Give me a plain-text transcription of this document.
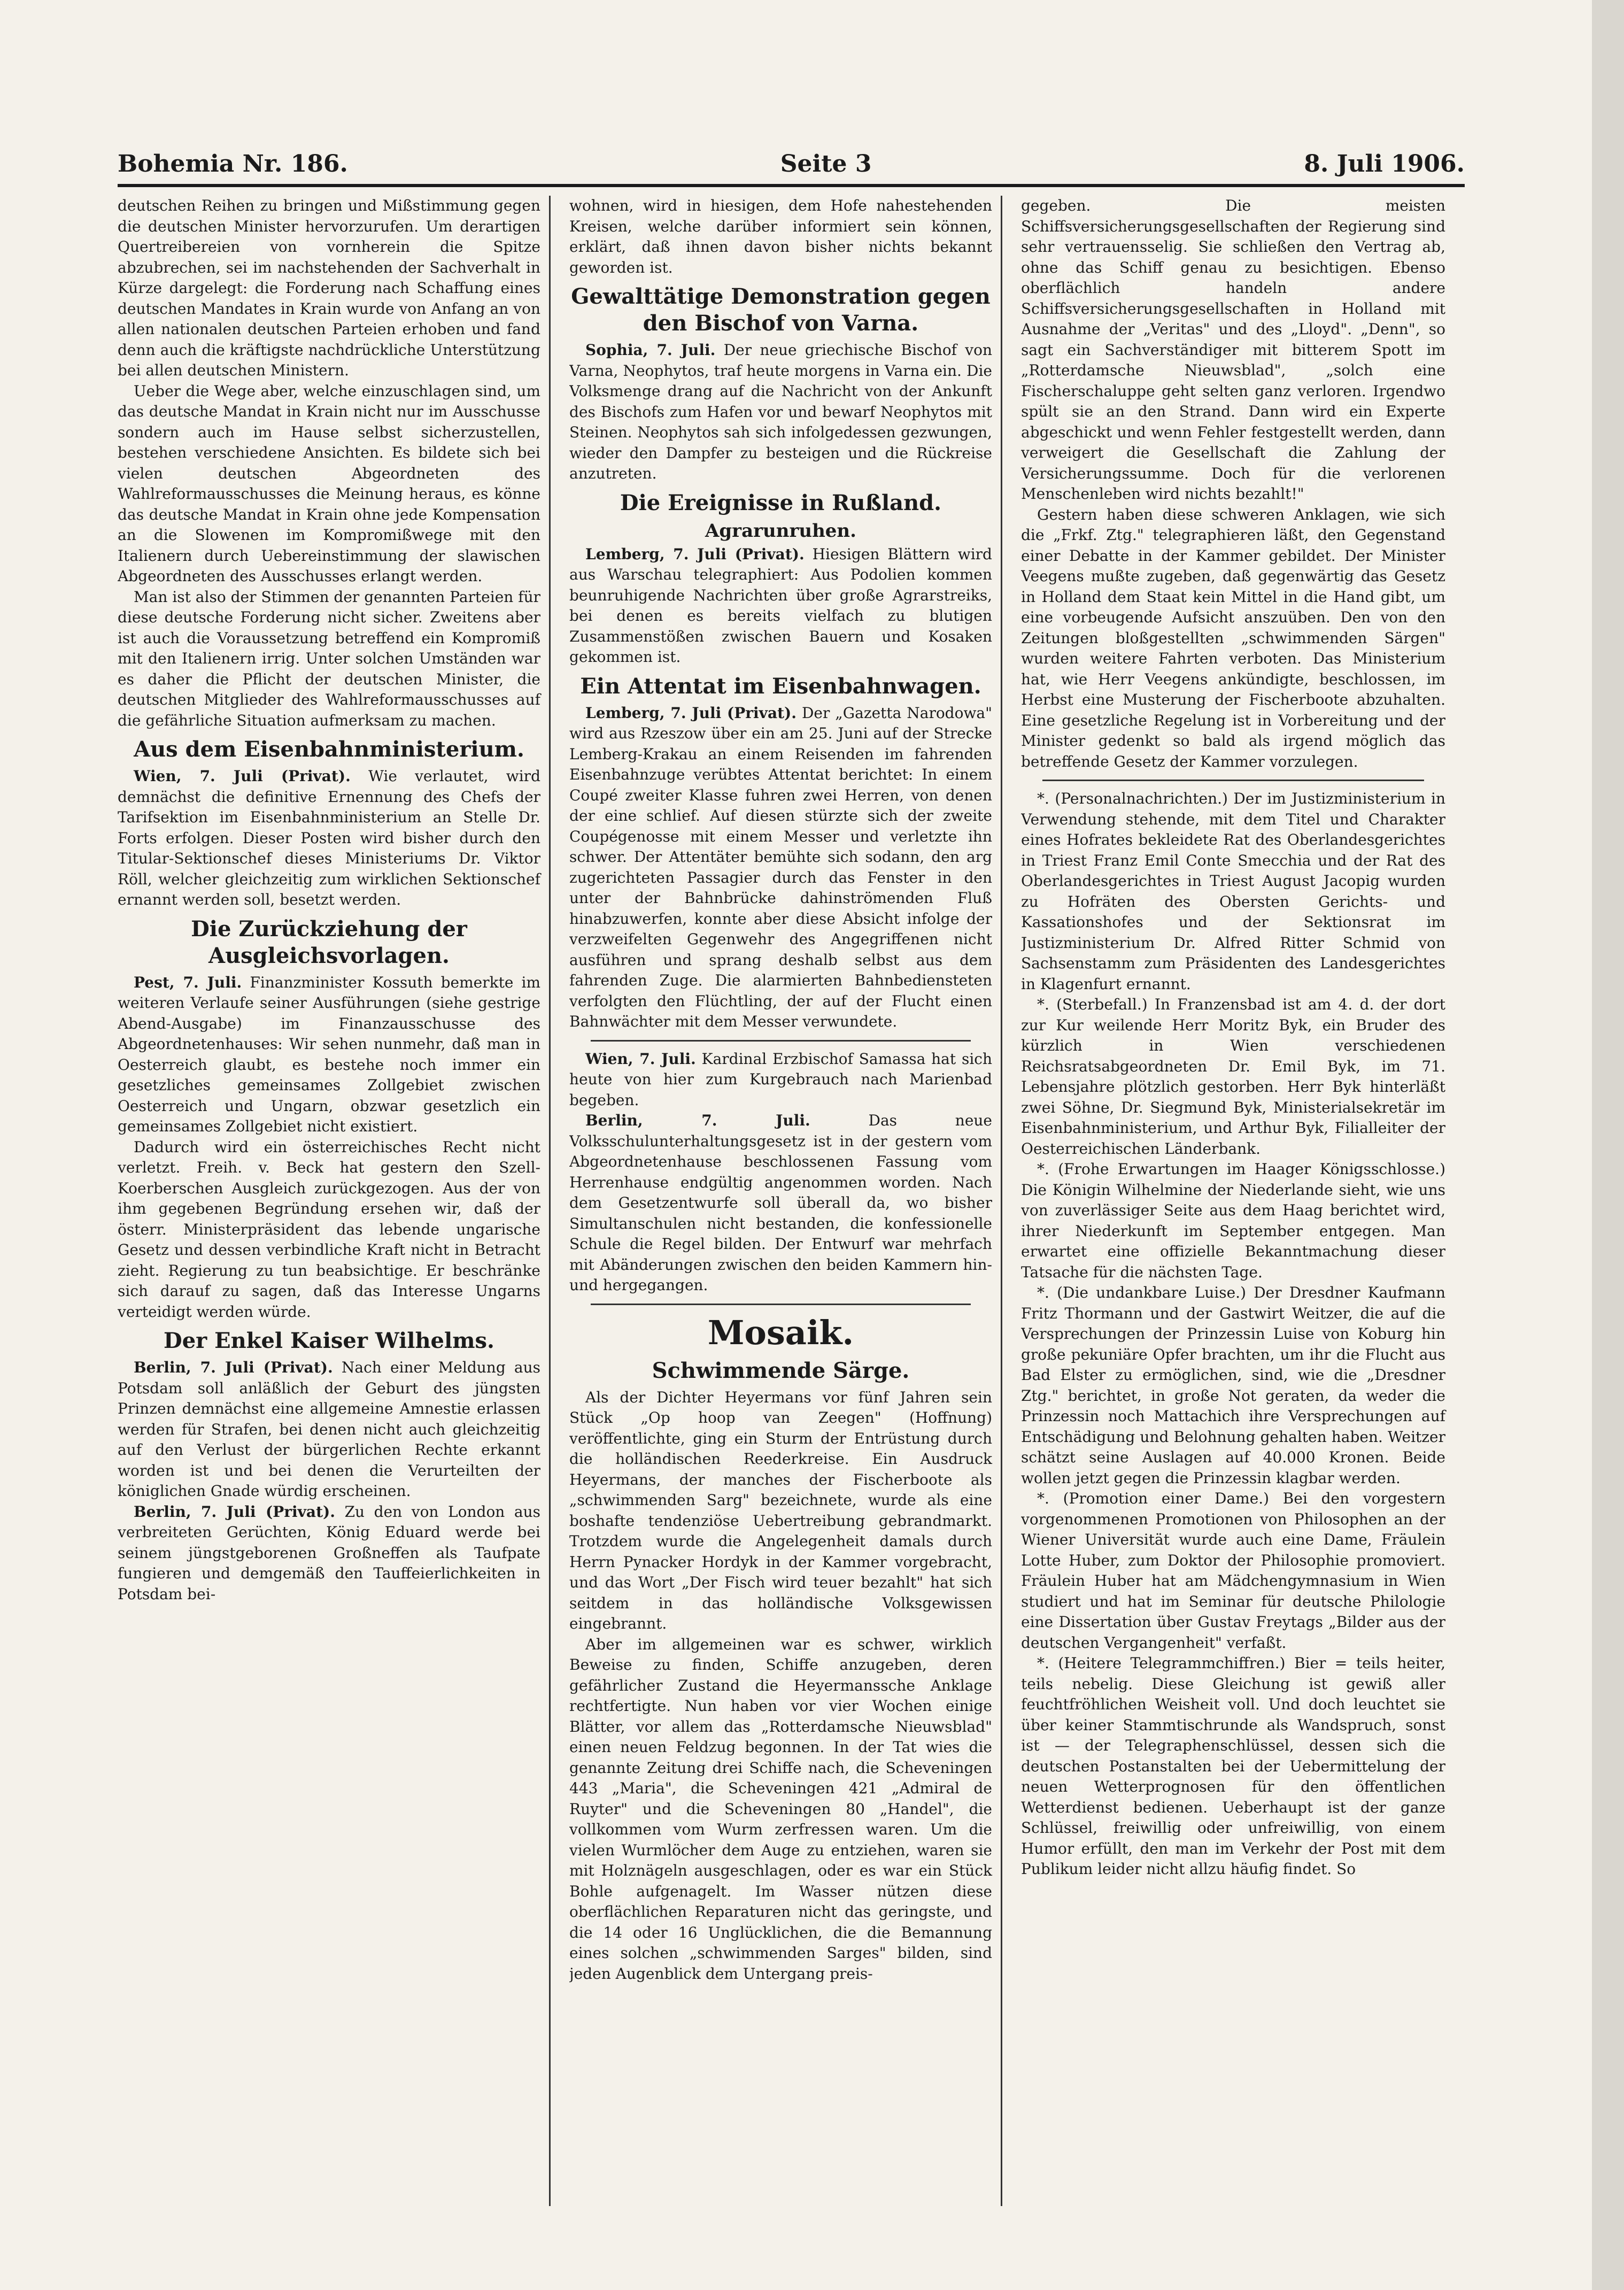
Bohemia Nr. 186.	Seite 3	8. Juli 1906.

deutschen Reihen zu bringen und Mißstimmung gegen die deutschen Minister hervorzurufen. Um derartigen Quertreibereien von vornherein die Spitze abzubrechen, sei im nachstehenden der Sachverhalt in Kürze dargelegt: die Forderung nach Schaffung eines deutschen Mandates in Krain wurde von Anfang an von allen nationalen deutschen Parteien erhoben und fand denn auch die kräftigste nachdrückliche Unterstützung bei allen deutschen Ministern.

Ueber die Wege aber, welche einzuschlagen sind, um das deutsche Mandat in Krain nicht nur im Ausschusse sondern auch im Hause selbst sicherzustellen, bestehen verschiedene Ansichten. Es bildete sich bei vielen deutschen Abgeordneten des Wahlreformausschusses die Meinung heraus, es könne das deutsche Mandat in Krain ohne jede Kompensation an die Slowenen im Kompromißwege mit den Italienern durch Uebereinstimmung der slawischen Abgeordneten des Ausschusses erlangt werden.

Man ist also der Stimmen der genannten Parteien für diese deutsche Forderung nicht sicher. Zweitens aber ist auch die Voraussetzung betreffend ein Kompromiß mit den Italienern irrig. Unter solchen Umständen war es daher die Pflicht der deutschen Minister, die deutschen Mitglieder des Wahlreformausschusses auf die gefährliche Situation aufmerksam zu machen.

Aus dem Eisenbahnministerium.

Wien, 7. Juli (Privat). Wie verlautet, wird demnächst die definitive Ernennung des Chefs der Tarifsektion im Eisenbahnministerium an Stelle Dr. Forts erfolgen. Dieser Posten wird bisher durch den Titular-Sektionschef dieses Ministeriums Dr. Viktor Röll, welcher gleichzeitig zum wirklichen Sektionschef ernannt werden soll, besetzt werden.

Die Zurückziehung der Ausgleichsvorlagen.

Pest, 7. Juli. Finanzminister Kossuth bemerkte im weiteren Verlaufe seiner Ausführungen (siehe gestrige Abend-Ausgabe) im Finanzausschusse des Abgeordnetenhauses: Wir sehen nunmehr, daß man in Oesterreich glaubt, es bestehe noch immer ein gesetzliches gemeinsames Zollgebiet zwischen Oesterreich und Ungarn, obzwar gesetzlich ein gemeinsames Zollgebiet nicht existiert.

Dadurch wird ein österreichisches Recht nicht verletzt. Freih. v. Beck hat gestern den Szell-Koerberschen Ausgleich zurückgezogen. Aus der von ihm gegebenen Begründung ersehen wir, daß der österr. Ministerpräsident das lebende ungarische Gesetz und dessen verbindliche Kraft nicht in Betracht zieht. Regierung zu tun beabsichtige. Er beschränke sich darauf zu sagen, daß das Interesse Ungarns verteidigt werden würde.

Der Enkel Kaiser Wilhelms.

Berlin, 7. Juli (Privat). Nach einer Meldung aus Potsdam soll anläßlich der Geburt des jüngsten Prinzen demnächst eine allgemeine Amnestie erlassen werden für Strafen, bei denen nicht auch gleichzeitig auf den Verlust der bürgerlichen Rechte erkannt worden ist und bei denen die Verurteilten der königlichen Gnade würdig erscheinen.

Berlin, 7. Juli (Privat). Zu den von London aus verbreiteten Gerüchten, König Eduard werde bei seinem jüngstgeborenen Großneffen als Taufpate fungieren und demgemäß den Tauffeierlichkeiten in Potsdam bei-

wohnen, wird in hiesigen, dem Hofe nahestehenden Kreisen, welche darüber informiert sein können, erklärt, daß ihnen davon bisher nichts bekannt geworden ist.

Gewalttätige Demonstration gegen den Bischof von Varna.

Sophia, 7. Juli. Der neue griechische Bischof von Varna, Neophytos, traf heute morgens in Varna ein. Die Volksmenge drang auf die Nachricht von der Ankunft des Bischofs zum Hafen vor und bewarf Neophytos mit Steinen. Neophytos sah sich infolgedessen gezwungen, wieder den Dampfer zu besteigen und die Rückreise anzutreten.

Die Ereignisse in Rußland.
Agrarunruhen.

Lemberg, 7. Juli (Privat). Hiesigen Blättern wird aus Warschau telegraphiert: Aus Podolien kommen beunruhigende Nachrichten über große Agrarstreiks, bei denen es bereits vielfach zu blutigen Zusammenstößen zwischen Bauern und Kosaken gekommen ist.

Ein Attentat im Eisenbahnwagen.

Lemberg, 7. Juli (Privat). Der „Gazetta Narodowa" wird aus Rzeszow über ein am 25. Juni auf der Strecke Lemberg-Krakau an einem Reisenden im fahrenden Eisenbahnzuge verübtes Attentat berichtet: In einem Coupé zweiter Klasse fuhren zwei Herren, von denen der eine schlief. Auf diesen stürzte sich der zweite Coupégenosse mit einem Messer und verletzte ihn schwer. Der Attentäter bemühte sich sodann, den arg zugerichteten Passagier durch das Fenster in den unter der Bahnbrücke dahinströmenden Fluß hinabzuwerfen, konnte aber diese Absicht infolge der verzweifelten Gegenwehr des Angegriffenen nicht ausführen und sprang deshalb selbst aus dem fahrenden Zuge. Die alarmierten Bahnbediensteten verfolgten den Flüchtling, der auf der Flucht einen Bahnwächter mit dem Messer verwundete.

Wien, 7. Juli. Kardinal Erzbischof Samassa hat sich heute von hier zum Kurgebrauch nach Marienbad begeben.

Berlin, 7. Juli.	Das neue Volksschulunterhaltungsgesetz ist in der gestern vom Abgeordnetenhause beschlossenen Fassung vom Herrenhause endgültig angenommen worden. Nach dem Gesetzentwurfe soll überall da, wo bisher Simultanschulen nicht bestanden, die konfessionelle Schule die Regel bilden. Der Entwurf war mehrfach mit Abänderungen zwischen den beiden Kammern hin- und hergegangen.

Mosaik.
Schwimmende Särge.

Als der Dichter Heyermans vor fünf Jahren sein Stück „Op hoop van Zeegen" (Hoffnung) veröffentlichte, ging ein Sturm der Entrüstung durch die holländischen Reederkreise. Ein Ausdruck Heyermans, der manches der Fischerboote als „schwimmenden Sarg" bezeichnete, wurde als eine boshafte tendenziöse Uebertreibung gebrandmarkt. Trotzdem wurde die Angelegenheit damals durch Herrn Pynacker Hordyk in der Kammer vorgebracht, und das Wort „Der Fisch wird teuer bezahlt" hat sich seitdem in das holländische Volksgewissen eingebrannt.

Aber im allgemeinen war es schwer, wirklich Beweise zu finden, Schiffe anzugeben, deren gefährlicher Zustand die Heyermanssche Anklage rechtfertigte. Nun haben vor vier Wochen einige Blätter, vor allem das „Rotterdamsche Nieuwsblad" einen neuen Feldzug begonnen. In der Tat wies die genannte Zeitung drei Schiffe nach, die Scheveningen 443 „Maria", die Scheveningen 421 „Admiral de Ruyter" und die Scheveningen 80 „Handel", die vollkommen vom Wurm zerfressen waren. Um die vielen Wurmlöcher dem Auge zu entziehen, waren sie mit Holznägeln ausgeschlagen, oder es war ein Stück Bohle aufgenagelt. Im Wasser nützen diese oberflächlichen Reparaturen nicht das geringste, und die 14 oder 16 Unglücklichen, die die Bemannung eines solchen „schwimmenden Sarges" bilden, sind jeden Augenblick dem Untergang preis-

gegeben. Die meisten Schiffsversicherungsgesellschaften der Regierung sind sehr vertrauensselig. Sie schließen den Vertrag ab, ohne das Schiff genau zu besichtigen. Ebenso oberflächlich handeln andere Schiffsversicherungsgesellschaften in Holland mit Ausnahme der „Veritas" und des „Lloyd". „Denn", so sagt ein Sachverständiger mit bitterem Spott im „Rotterdamsche Nieuwsblad", „solch eine Fischerschaluppe geht selten ganz verloren. Irgendwo spült sie an den Strand. Dann wird ein Experte abgeschickt und wenn Fehler festgestellt werden, dann verweigert die Gesellschaft die Zahlung der Versicherungssumme. Doch für die verlorenen Menschenleben wird nichts bezahlt!"

Gestern haben diese schweren Anklagen, wie sich die „Frkf. Ztg." telegraphieren läßt, den Gegenstand einer Debatte in der Kammer gebildet. Der Minister Veegens mußte zugeben, daß gegenwärtig das Gesetz in Holland dem Staat kein Mittel in die Hand gibt, um eine vorbeugende Aufsicht anszuüben. Den von den Zeitungen bloßgestellten „schwimmenden Särgen" wurden weitere Fahrten verboten. Das Ministerium hat, wie Herr Veegens ankündigte, beschlossen, im Herbst eine Musterung der Fischerboote abzuhalten. Eine gesetzliche Regelung ist in Vorbereitung und der Minister gedenkt so bald als irgend möglich das betreffende Gesetz der Kammer vorzulegen.

*. (Personalnachrichten.) Der im Justizministerium in Verwendung stehende, mit dem Titel und Charakter eines Hofrates bekleidete Rat des Oberlandesgerichtes in Triest Franz Emil Conte Smecchia und der Rat des Oberlandesgerichtes in Triest August Jacopig wurden zu Hofräten des Obersten Gerichts- und Kassationshofes und der Sektionsrat im Justizministerium Dr. Alfred Ritter Schmid von Sachsenstamm zum Präsidenten des Landesgerichtes in Klagenfurt ernannt.

*. (Sterbefall.) In Franzensbad ist am 4. d. der dort zur Kur weilende Herr Moritz Byk, ein Bruder des kürzlich in Wien verschiedenen Reichsratsabgeordneten Dr. Emil Byk, im 71. Lebensjahre plötzlich gestorben. Herr Byk hinterläßt zwei Söhne, Dr. Siegmund Byk, Ministerialsekretär im Eisenbahnministerium, und Arthur Byk, Filialleiter der Oesterreichischen Länderbank.

*. (Frohe Erwartungen im Haager Königsschlosse.) Die Königin Wilhelmine der Niederlande sieht, wie uns von zuverlässiger Seite aus dem Haag berichtet wird, ihrer Niederkunft im September entgegen. Man erwartet eine offizielle Bekanntmachung dieser Tatsache für die nächsten Tage.

*. (Die undankbare Luise.) Der Dresdner Kaufmann Fritz Thormann und der Gastwirt Weitzer, die auf die Versprechungen der Prinzessin Luise von Koburg hin große pekuniäre Opfer brachten, um ihr die Flucht aus Bad Elster zu ermöglichen, sind, wie die „Dresdner Ztg." berichtet, in große Not geraten, da weder die Prinzessin noch Mattachich ihre Versprechungen auf Entschädigung und Belohnung gehalten haben. Weitzer schätzt seine Auslagen auf 40.000 Kronen. Beide wollen jetzt gegen die Prinzessin klagbar werden.

*. (Promotion einer Dame.) Bei den vorgestern vorgenommenen Promotionen von Philosophen an der Wiener Universität wurde auch eine Dame, Fräulein Lotte Huber, zum Doktor der Philosophie promoviert. Fräulein Huber hat am Mädchengymnasium in Wien studiert und hat im Seminar für deutsche Philologie eine Dissertation über Gustav Freytags „Bilder aus der deutschen Vergangenheit" verfaßt.

*. (Heitere Telegrammchiffren.) Bier = teils heiter, teils nebelig. Diese Gleichung ist gewiß aller feuchtfröhlichen Weisheit voll. Und doch leuchtet sie über keiner Stammtischrunde als Wandspruch, sonst ist — der Telegraphenschlüssel, dessen sich die deutschen Postanstalten bei der Uebermittelung der neuen Wetterprognosen für den öffentlichen Wetterdienst bedienen. Ueberhaupt ist der ganze Schlüssel, freiwillig oder unfreiwillig, von einem Humor erfüllt, den man im Verkehr der Post mit dem Publikum leider nicht allzu häufig findet. So
